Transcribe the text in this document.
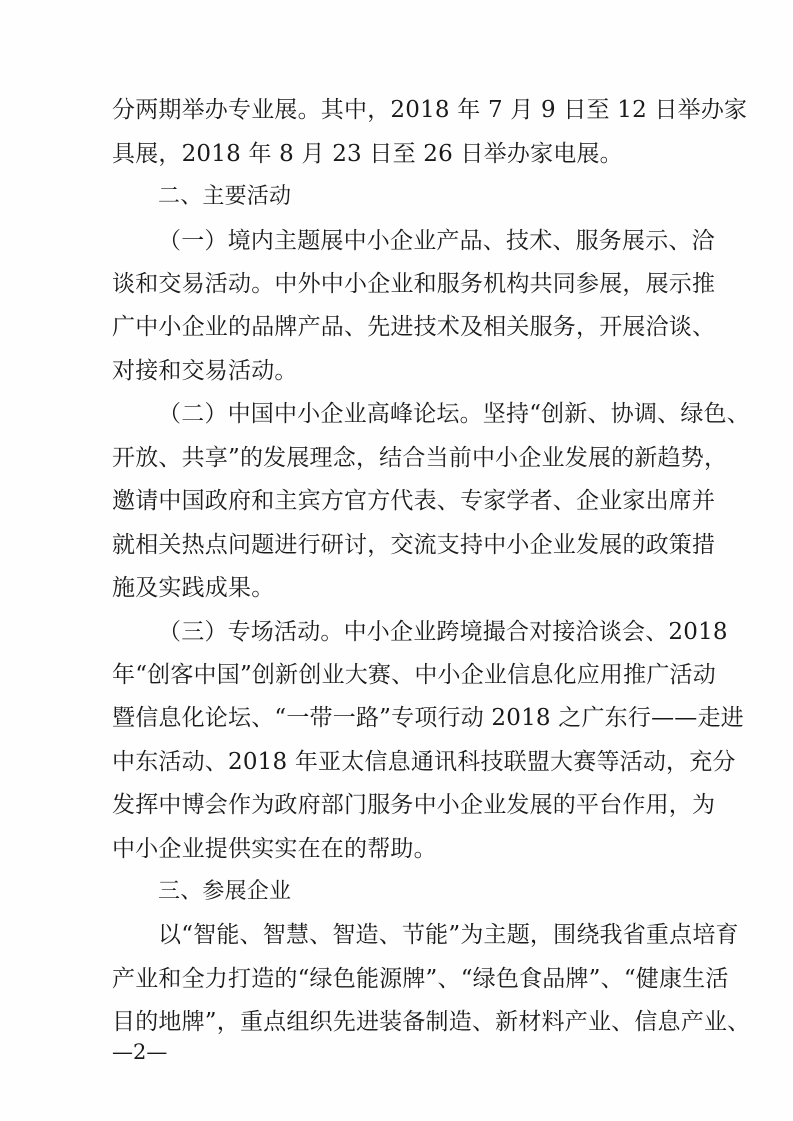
分两期举办专业展。其中，2018 年 7 月 9 日至 12 日举办家
具展，2018 年 8 月 23 日至 26 日举办家电展。
二、主要活动
（一）境内主题展中小企业产品、技术、服务展示、洽
谈和交易活动。中外中小企业和服务机构共同参展，展示推
广中小企业的品牌产品、先进技术及相关服务，开展洽谈、
对接和交易活动。
（二）中国中小企业高峰论坛。坚持“创新、协调、绿色、
开放、共享”的发展理念，结合当前中小企业发展的新趋势，
邀请中国政府和主宾方官方代表、专家学者、企业家出席并
就相关热点问题进行研讨，交流支持中小企业发展的政策措
施及实践成果。
（三）专场活动。中小企业跨境撮合对接洽谈会、2018
年“创客中国”创新创业大赛、中小企业信息化应用推广活动
暨信息化论坛、“一带一路”专项行动 2018 之广东行——走进
中东活动、2018 年亚太信息通讯科技联盟大赛等活动，充分
发挥中博会作为政府部门服务中小企业发展的平台作用，为
中小企业提供实实在在的帮助。
三、参展企业
以“智能、智慧、智造、节能”为主题，围绕我省重点培育
产业和全力打造的“绿色能源牌”、“绿色食品牌”、“健康生活
目的地牌”，重点组织先进装备制造、新材料产业、信息产业、
—2—
